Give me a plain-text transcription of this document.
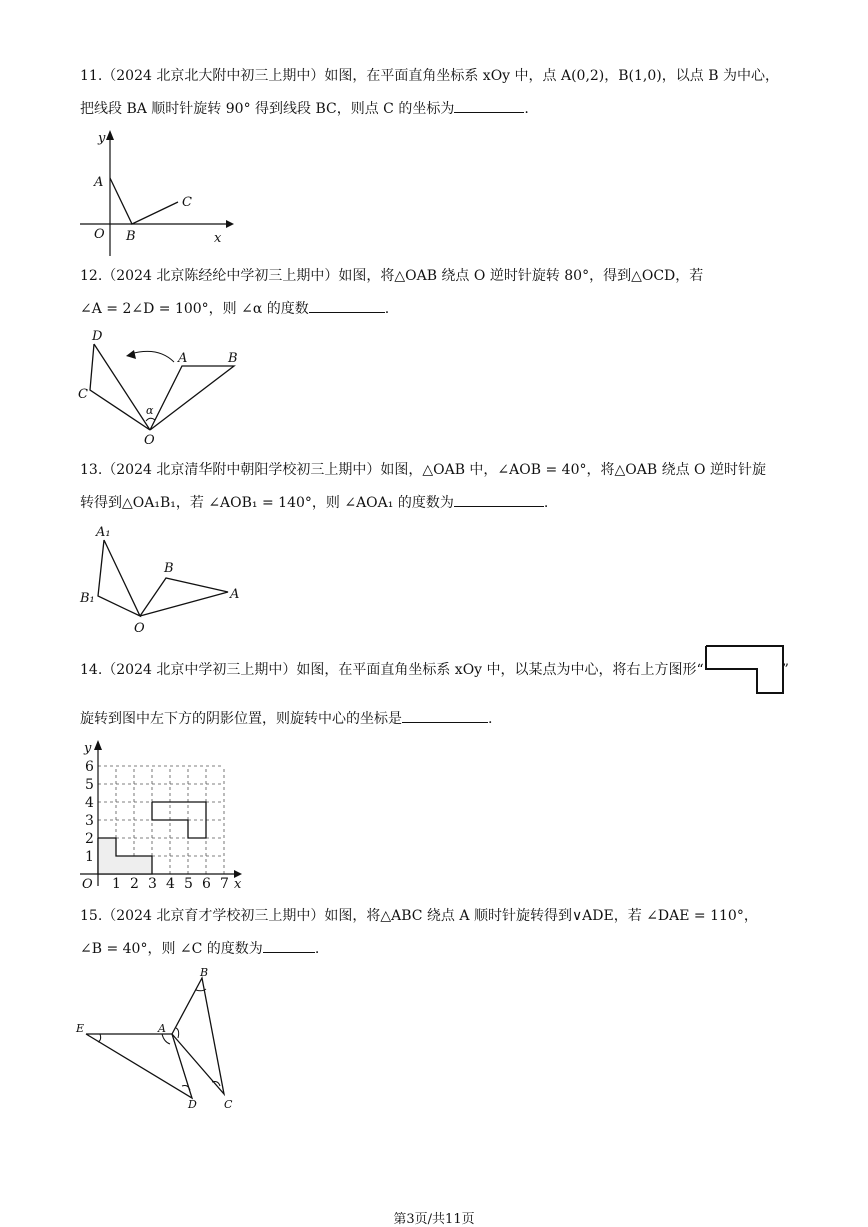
11.（2024 北京北大附中初三上期中）如图，在平面直角坐标系 xOy 中，点 A(0,2)，B(1,0)，以点 B 为中心，
把线段 BA 顺时针旋转 90° 得到线段 BC，则点 C 的坐标为	.
y
x
O
A
B
C
12.（2024 北京陈经纶中学初三上期中）如图，将△OAB 绕点 O 逆时针旋转 80°，得到△OCD，若
∠A = 2∠D = 100°，则 ∠α 的度数	.
D
C
A	B
O
α
13.（2024 北京清华附中朝阳学校初三上期中）如图，△OAB 中，∠AOB = 40°，将△OAB 绕点 O 逆时针旋
转得到△OA₁B₁，若 ∠AOB₁ = 140°，则 ∠AOA₁ 的度数为	.
A₁
B₁
B
A
O
14.（2024 北京中学初三上期中）如图，在平面直角坐标系 xOy 中，以某点为中心，将右上方图形“	”
旋转到图中左下方的阴影位置，则旋转中心的坐标是	.
y
x
O 1 2 3 4 5 6 7
1
2
3
4
5
6
15.（2024 北京育才学校初三上期中）如图，将△ABC 绕点 A 顺时针旋转得到∨ADE，若 ∠DAE = 110°，
∠B = 40°，则 ∠C 的度数为	.
B
E	A
D C
第3页/共11页
